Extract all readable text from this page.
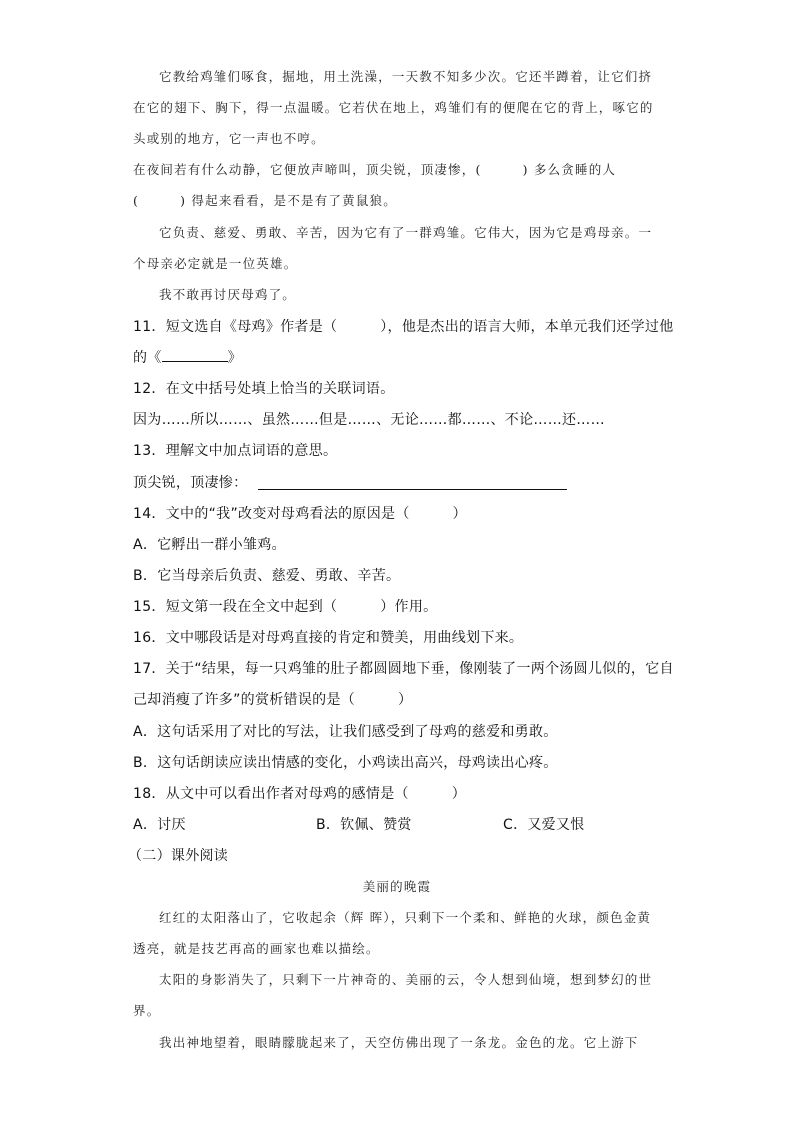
它教给鸡雏们啄食，掘地，用土洗澡，一天教不知多少次。它还半蹲着，让它们挤
在它的翅下、胸下，得一点温暖。它若伏在地上，鸡雏们有的便爬在它的背上，啄它的
头或别的地方，它一声也不哼。
在夜间若有什么动静，它便放声啼叫，顶尖锐，顶凄惨，(　　　) 多么贪睡的人
(　　　) 得起来看看，是不是有了黄鼠狼。
它负责、慈爱、勇敢、辛苦，因为它有了一群鸡雏。它伟大，因为它是鸡母亲。一
个母亲必定就是一位英雄。
我不敢再讨厌母鸡了。
11．短文选自《母鸡》作者是（　　　），他是杰出的语言大师，本单元我们还学过他
的《	》
12．在文中括号处填上恰当的关联词语。
因为……所以……、虽然……但是……、无论……都……、不论……还……
13．理解文中加点词语的意思。
顶尖锐，顶凄惨：
14．文中的“我”改变对母鸡看法的原因是（　　　）
A．它孵出一群小雏鸡。
B．它当母亲后负责、慈爱、勇敢、辛苦。
15．短文第一段在全文中起到（　　　）作用。
16．文中哪段话是对母鸡直接的肯定和赞美，用曲线划下来。
17．关于“结果，每一只鸡雏的肚子都圆圆地下垂，像刚装了一两个汤圆儿似的，它自
己却消瘦了许多”的赏析错误的是（　　　）
A．这句话采用了对比的写法，让我们感受到了母鸡的慈爱和勇敢。
B．这句话朗读应读出情感的变化，小鸡读出高兴，母鸡读出心疼。
18．从文中可以看出作者对母鸡的感情是（　　　）
A．讨厌	B．钦佩、赞赏	C．又爱又恨
（二）课外阅读
美丽的晚霞
红红的太阳落山了，它收起余（辉 晖），只剩下一个柔和、鲜艳的火球，颜色金黄
透亮，就是技艺再高的画家也难以描绘。
太阳的身影消失了，只剩下一片神奇的、美丽的云，令人想到仙境，想到梦幻的世
界。
我出神地望着，眼睛朦胧起来了，天空仿佛出现了一条龙。金色的龙。它上游下
